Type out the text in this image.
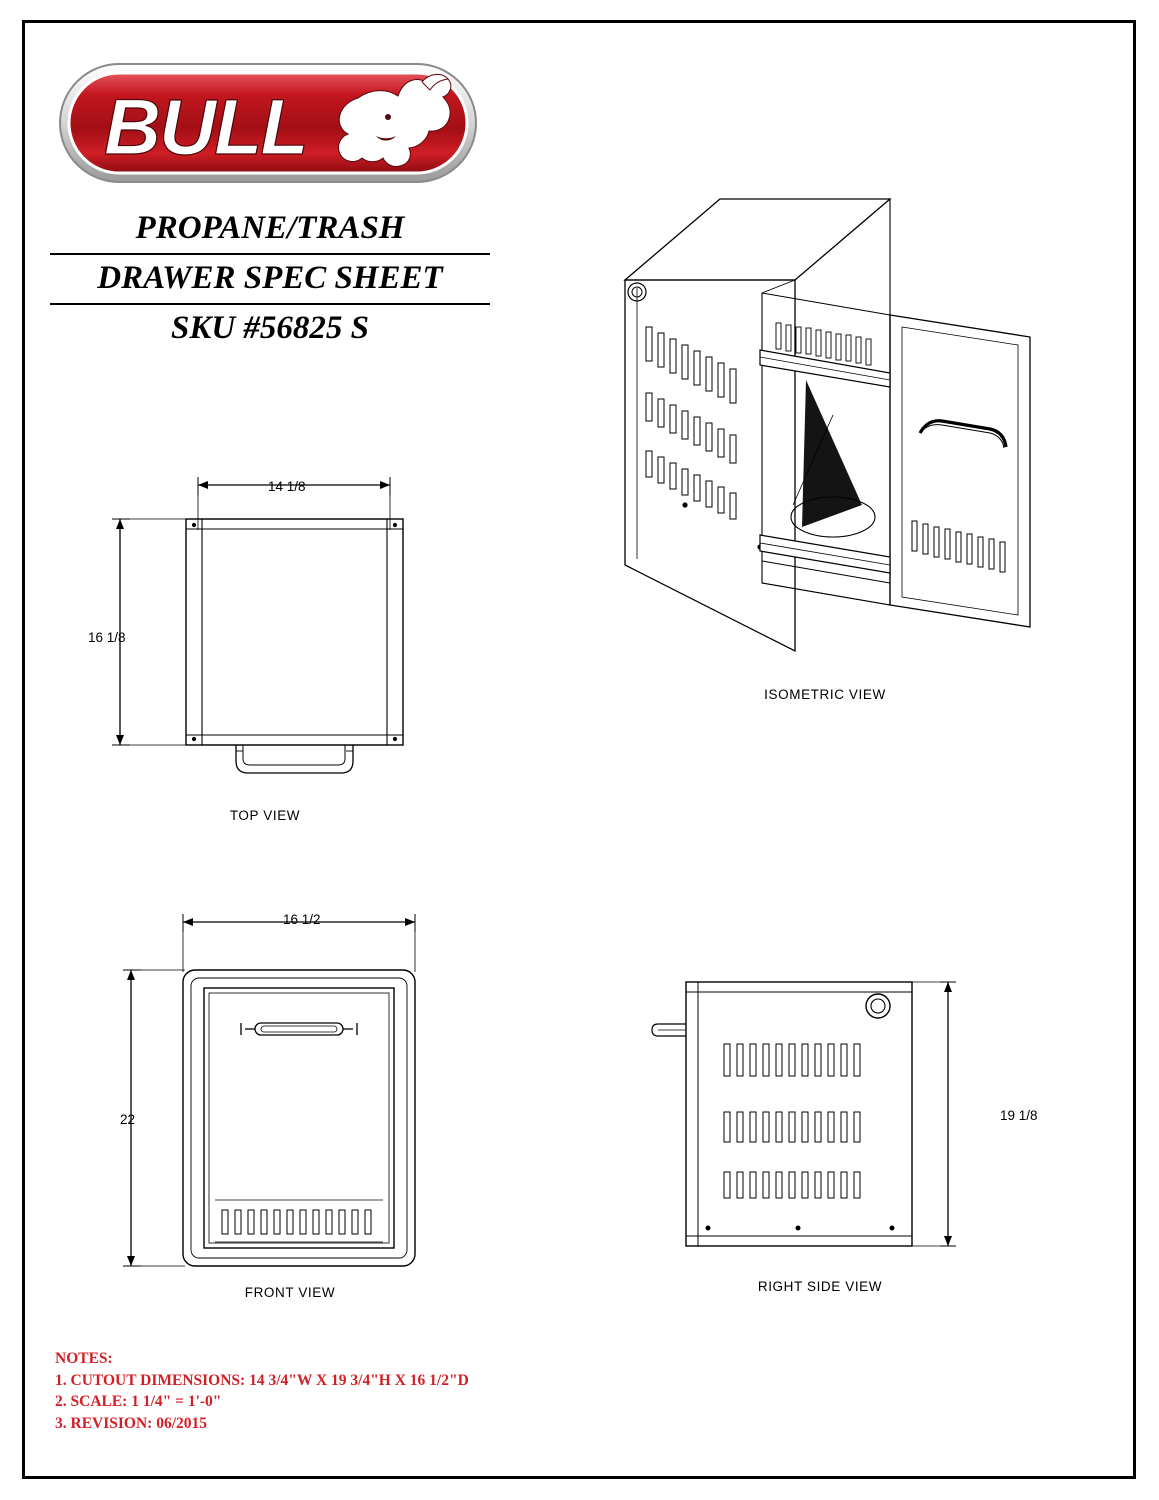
BULL
PROPANE/TRASH
DRAWER SPEC SHEET
SKU #56825 S
14 1/8
16 1/8
TOP VIEW
ISOMETRIC VIEW
16 1/2
22
FRONT VIEW
19 1/8
RIGHT SIDE VIEW
NOTES:
1. CUTOUT DIMENSIONS: 14 3/4"W X 19 3/4"H X 16 1/2"D
2. SCALE: 1 1/4" = 1'-0"
3. REVISION: 06/2015
